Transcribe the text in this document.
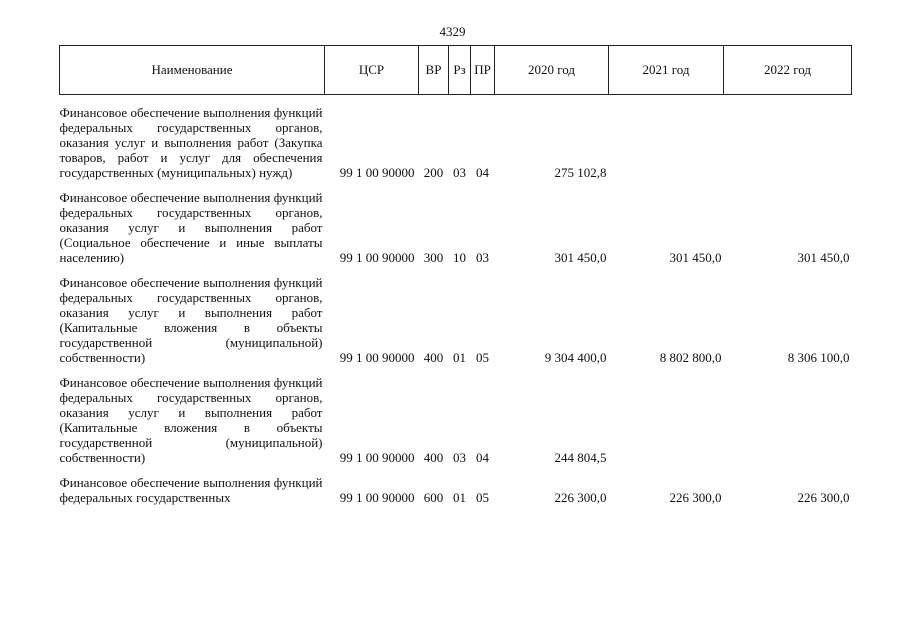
4329
Наименование	ЦСР	ВР	Рз	ПР	2020 год	2021 год	2022 год

Финансовое обеспечение выполнения функций федеральных государственных органов, оказания услуг и выполнения работ (Закупка товаров, работ и услуг для обеспечения государственных (муниципальных) нужд)	99 1 00 90000	200	03	04	275 102,8		

Финансовое обеспечение выполнения функций федеральных государственных органов, оказания услуг и выполнения работ (Социальное обеспечение и иные выплаты населению)	99 1 00 90000	300	10	03	301 450,0	301 450,0	301 450,0

Финансовое обеспечение выполнения функций федеральных государственных органов, оказания услуг и выполнения работ (Капитальные вложения в объекты государственной (муниципальной) собственности)	99 1 00 90000	400	01	05	9 304 400,0	8 802 800,0	8 306 100,0

Финансовое обеспечение выполнения функций федеральных государственных органов, оказания услуг и выполнения работ (Капитальные вложения в объекты государственной (муниципальной) собственности)	99 1 00 90000	400	03	04	244 804,5		

Финансовое обеспечение выполнения функций федеральных государственных	99 1 00 90000	600	01	05	226 300,0	226 300,0	226 300,0
